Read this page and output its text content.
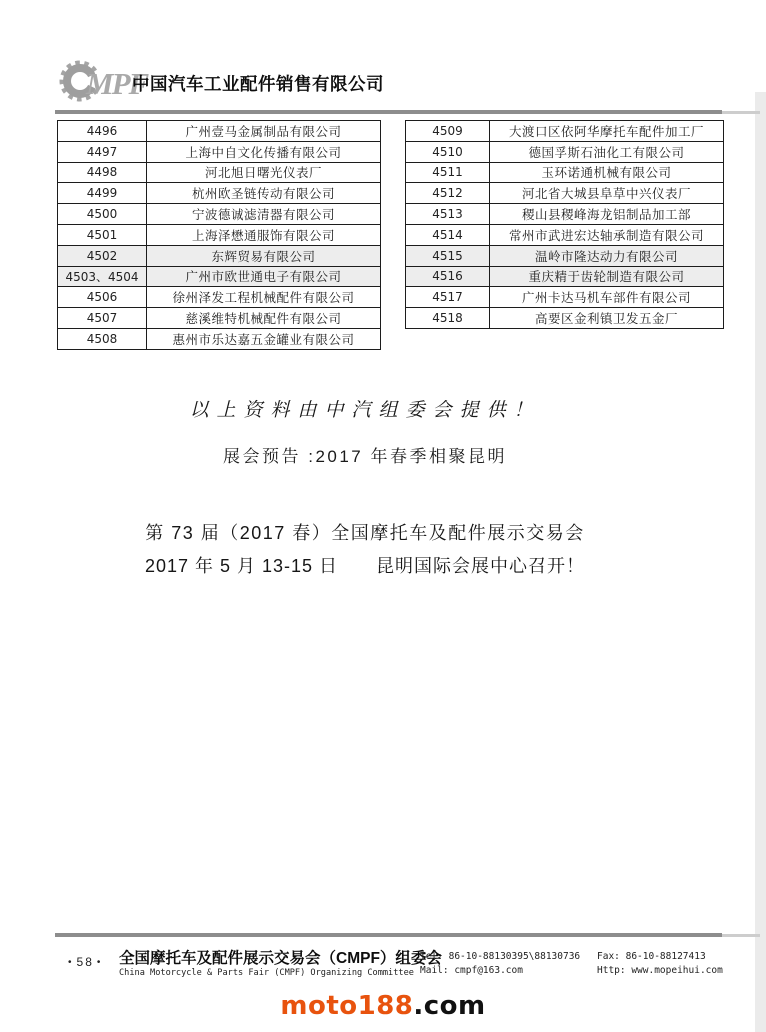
MPF
中国汽车工业配件销售有限公司
4496	广州壹马金属制品有限公司
4497	上海中自文化传播有限公司
4498	河北旭日曙光仪表厂
4499	杭州欧圣链传动有限公司
4500	宁波德诚滤清器有限公司
4501	上海泽懋通服饰有限公司
4502	东辉贸易有限公司
4503、4504	广州市欧世通电子有限公司
4506	徐州泽发工程机械配件有限公司
4507	慈溪维特机械配件有限公司
4508	惠州市乐达嘉五金罐业有限公司
4509	大渡口区依阿华摩托车配件加工厂
4510	德国孚斯石油化工有限公司
4511	玉环诺通机械有限公司
4512	河北省大城县阜草中兴仪表厂
4513	稷山县稷峰海龙铝制品加工部
4514	常州市武进宏达轴承制造有限公司
4515	温岭市隆达动力有限公司
4516	重庆精于齿轮制造有限公司
4517	广州卡达马机车部件有限公司
4518	高要区金利镇卫发五金厂
以上资料由中汽组委会提供！
展会预告 :2017 年春季相聚昆明
第 73 届（2017 春）全国摩托车及配件展示交易会
2017 年 5 月 13-15 日　　昆明国际会展中心召开！
• 58 • 全国摩托车及配件展示交易会（CMPF）组委会
China Motorcycle & Parts Fair (CMPF) Organizing Committee
Tel: 86-10-88130395\88130736
Mail: cmpf@163.com
Fax: 86-10-88127413
Http: www.mopeihui.com
moto188.com
